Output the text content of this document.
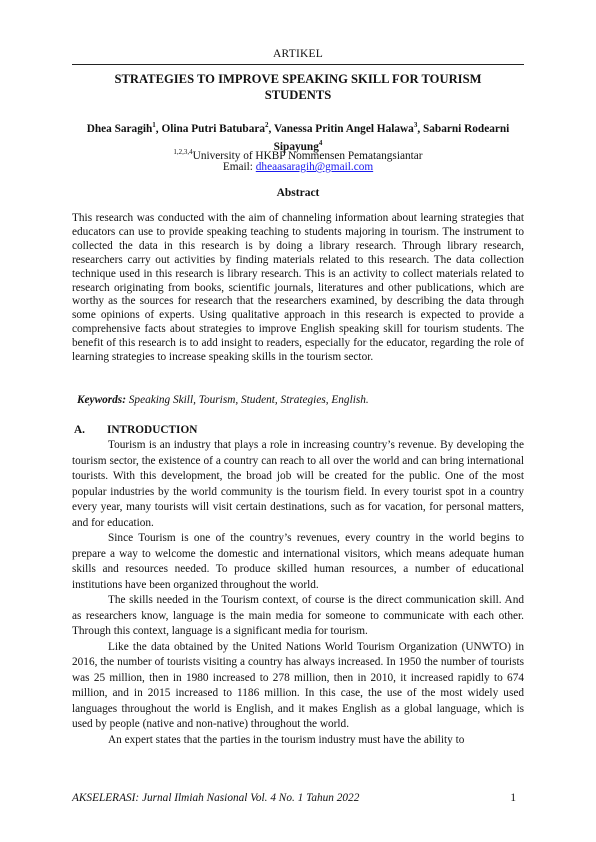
ARTIKEL
STRATEGIES TO IMPROVE SPEAKING SKILL FOR TOURISM
STUDENTS
Dhea Saragih$^1$, Olina Putri Batubara$^2$, Vanessa Pritin Angel Halawa$^3$, Sabarni Rodearni Sipayung$^4$
$^{1,2,3,4}$University of HKBP Nommensen Pematangsiantar
Email: dheaasaragih@gmail.com
Abstract

This research was conducted with the aim of channeling information about learning strategies that educators can use to provide speaking teaching to students majoring in tourism. The instrument to collected the data in this research is by doing a library research. Through library research, researchers carry out activities by finding materials related to this research. The data collection technique used in this research is library research. This is an activity to collect materials related to research originating from books, scientific journals, literatures and other publications, which are worthy as the sources for research that the researchers examined, by describing the data through some opinions of experts. Using qualitative approach in this research is expected to provide a comprehensive facts about strategies to improve English speaking skill for tourism students. The benefit of this research is to add insight to readers, especially for the educator, regarding the role of learning strategies to increase speaking skills in the tourism sector.

Keywords: Speaking Skill, Tourism, Student, Strategies, English.
A. INTRODUCTION

Tourism is an industry that plays a role in increasing country’s revenue. By developing the tourism sector, the existence of a country can reach to all over the world and can bring international tourists. With this development, the broad job will be created for the public. One of the most popular industries by the world community is the tourism field. In every tourist spot in a country every year, many tourists will visit certain destinations, such as for vacation, for personal matters, and for education.

Since Tourism is one of the country’s revenues, every country in the world begins to prepare a way to welcome the domestic and international visitors, which means adequate human skills and resources needed. To produce skilled human resources, a number of educational institutions have been organized throughout the world.

The skills needed in the Tourism context, of course is the direct communication skill. And as researchers know, language is the main media for someone to communicate with each other. Through this context, language is a significant media for tourism.

Like the data obtained by the United Nations World Tourism Organization (UNWTO) in 2016, the number of tourists visiting a country has always increased. In 1950 the number of tourists was 25 million, then in 1980 increased to 278 million, then in 2010, it increased rapidly to 674 million, and in 2015 increased to 1186 million. In this case, the use of the most widely used languages throughout the world is English, and it makes English as a global language, which is used by people (native and non-native) throughout the world.

An expert states that the parties in the tourism industry must have the ability to

AKSELERASI: Jurnal Ilmiah Nasional Vol. 4 No. 1 Tahun 2022	1
